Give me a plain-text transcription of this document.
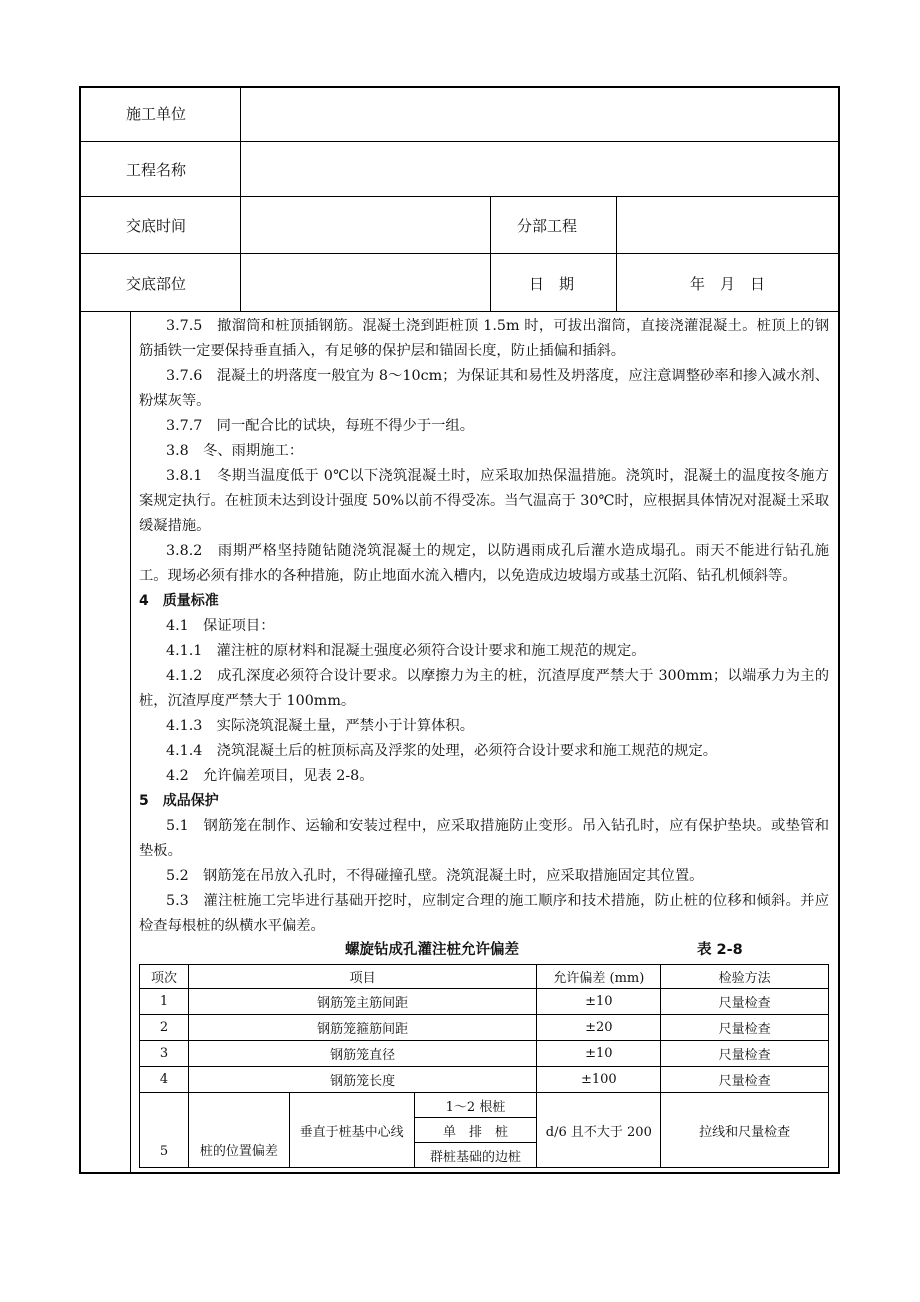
施工单位
工程名称
交底时间	分部工程
交底部位	日　期	年　月　日
3.7.5　撤溜筒和桩顶插钢筋。混凝土浇到距桩顶 1.5m 时，可拔出溜筒，直接浇灌混凝土。桩顶上的钢筋插铁一定要保持垂直插入，有足够的保护层和锚固长度，防止插偏和插斜。
3.7.6　混凝土的坍落度一般宜为 8～10cm；为保证其和易性及坍落度，应注意调整砂率和掺入减水剂、粉煤灰等。
3.7.7　同一配合比的试块，每班不得少于一组。
3.8　冬、雨期施工：
3.8.1　冬期当温度低于 0℃以下浇筑混凝土时，应采取加热保温措施。浇筑时，混凝土的温度按冬施方案规定执行。在桩顶未达到设计强度 50%以前不得受冻。当气温高于 30℃时，应根据具体情况对混凝土采取缓凝措施。
3.8.2　雨期严格坚持随钻随浇筑混凝土的规定，以防遇雨成孔后灌水造成塌孔。雨天不能进行钻孔施工。现场必须有排水的各种措施，防止地面水流入槽内，以免造成边坡塌方或基土沉陷、钻孔机倾斜等。
4　质量标准
4.1　保证项目：
4.1.1　灌注桩的原材料和混凝土强度必须符合设计要求和施工规范的规定。
4.1.2　成孔深度必须符合设计要求。以摩擦力为主的桩，沉渣厚度严禁大于 300mm；以端承力为主的桩，沉渣厚度严禁大于 100mm。
4.1.3　实际浇筑混凝土量，严禁小于计算体积。
4.1.4　浇筑混凝土后的桩顶标高及浮浆的处理，必须符合设计要求和施工规范的规定。
4.2　允许偏差项目，见表 2-8。
5　成品保护
5.1　钢筋笼在制作、运输和安装过程中，应采取措施防止变形。吊入钻孔时，应有保护垫块。或垫管和垫板。
5.2　钢筋笼在吊放入孔时，不得碰撞孔壁。浇筑混凝土时，应采取措施固定其位置。
5.3　灌注桩施工完毕进行基础开挖时，应制定合理的施工顺序和技术措施，防止桩的位移和倾斜。并应检查每根桩的纵横水平偏差。
螺旋钻成孔灌注桩允许偏差	表 2-8
项次	项目			允许偏差 (mm)	检验方法
1	钢筋笼主筋间距			±10	尺量检查
2	钢筋笼箍筋间距			±20	尺量检查
3	钢筋笼直径			±10	尺量检查
4	钢筋笼长度			±100	尺量检查
5	桩的位置偏差	垂直于桩基中心线	1～2 根桩	d/6 且不大于 200	拉线和尺量检查
			单　排　桩		
			群桩基础的边桩		
